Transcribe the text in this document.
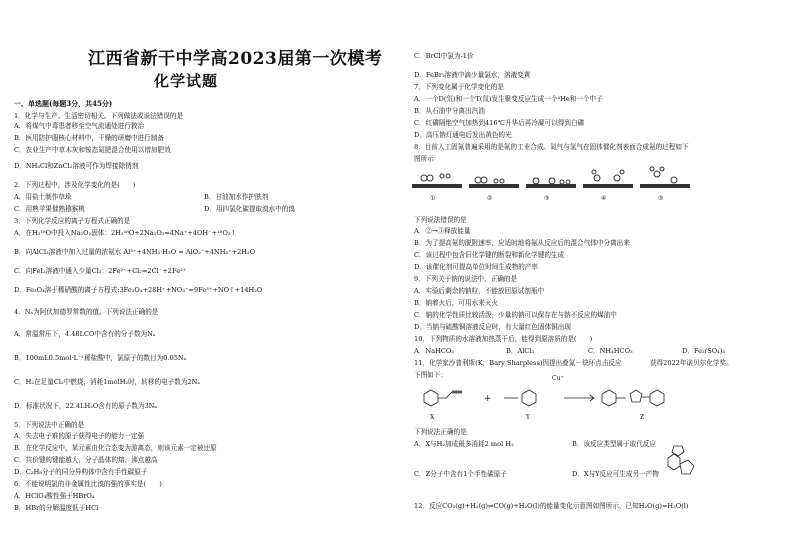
1．化学与生产、生活密切相关。下列做法或说法错误的是
A．将煤气中毒患者移至空气流通处进行救治
B．医用防护服核心材料中，干燥的研磨中进行制备
C．农业生产中草木灰和铵态氮肥混合使用以增加肥效
D．NH₄Cl和ZnCl₂溶液可作为焊接除锈剂
2．下列过程中，涉及化学变化的是(　　)
A．用盐土制作草垛	B．甘油加水作护肤剂
C．用熟苹果催熟猕猴桃	D．用四氯化碳提取溴水中的溴
3．下列化学反应的离子方程式正确的是
A．在H₂¹⁸O中投入Na₂O₂固体：2H₂¹⁸O+2Na₂O₂=4Na⁺+4OH⁻+¹⁸O₂↑
B．向AlCl₃溶液中加入过量的浓氨水 Al³⁺+4NH₃·H₂O = AlO₂⁻+4NH₄⁺+2H₂O
C．向FeI₂溶液中通入少量Cl₂：2Fe²⁺+Cl₂=2Cl⁻+2Fe³⁺
D．Fe₃O₄溶于稀硝酸的离子方程式:3Fe₃O₄+28H⁺+NO₃⁻=9Fe³⁺+NO↑+14H₂O
4．Nₐ为阿伏加德罗常数的值。下列说法正确的是
A．常温常压下，4.48LCO中含有的分子数为Nₐ
B．100mL0.5mol·L⁻¹稀盐酸中，氯原子的数目为0.05Nₐ
C．H₂在足量Cl₂中燃烧，消耗1molH₂时，转移的电子数为2Nₐ
D．标准状况下，22.4LH₂O含有的原子数为3Nₐ
5．下列说法中正确的是
A．失去电子难的原子获得电子的能力一定强
B．在化学反应中，某元素由化合态变为游离态，则该元素一定被还原
C．共价键的键能越大，分子晶体的熔、沸点越高
D．C₃H₈分子的同分异构体中含有手性碳原子
6．不能说明氯的非金属性比溴的强的事实是(　　)
A．HClO₄酸性强于HBrO₄
B．HBr的分解温度低于HCl
C．BrCl中氯为-1价
D．FeBr₂溶液中滴少量氯水，溶液变黄
7．下列变化属于化学变化的是
A．一个D(氘)和一个T(氚)发生聚变反应生成一个⁴He和一个中子
B．从石油中分离出汽油
C．红磷隔绝空气加热到416℃升华后再冷凝可以得到白磷
D．高压钠灯通电后发出黄色的光
8．目前人工固氮普遍采用的是氨的工业合成。氮气与氢气在固体催化剂表面合成氨的过程如下
图所示
下列说法错误的是
A．②→③释放能量
B．为了提高氨的脱附速率，应适时地将氨从反应后的混合气体中分离出来
C．该过程中包含旧化学键的断裂和新化学键的生成
D．该催化剂可提高单位时间生成物的产率
9．下列关于钠的说法中，正确的是
A．实验后剩余的钠粒，不能放回原试剂瓶中
B．钠着火后，可用水来灭火
C．钠的化学性质比较活泼，少量的钠可以保存在与钠不反应的煤油中
D．当钠与硫酸铜溶液反应时，有大量红色固体铜出现
10．下列物质的水溶液加热蒸干后，能得到原溶质的是(　　)
A．NaHCO₃	B．AlCl₃	C．NH₄HCO₃	D．Fe₂(SO₄)₃
11．化学家沙普利斯(K．Bary Sharpless)因提出叠氮－炔环点击反应	获得2022年诺贝尔化学奖。
下图如下：
下列说法正确的是
A．X与H₂加成最多消耗2 mol H₂	B．该反应类型属于取代反应
C．Z分子中含有1个手性碳原子	D．X与Y反应可生成另一产物
12．反应CO₂(g)+H₂(g)⇌CO(g)+H₂O(l)的能量变化示意图如图所示，已知H₂O(g)=H₂O(l)
江西省新干中学高2023届第一次模考
化学试题
一、单选题(每题3分，共45分)
①	②	③	④	⑤
+
Cu⁺
X	Y	Z
